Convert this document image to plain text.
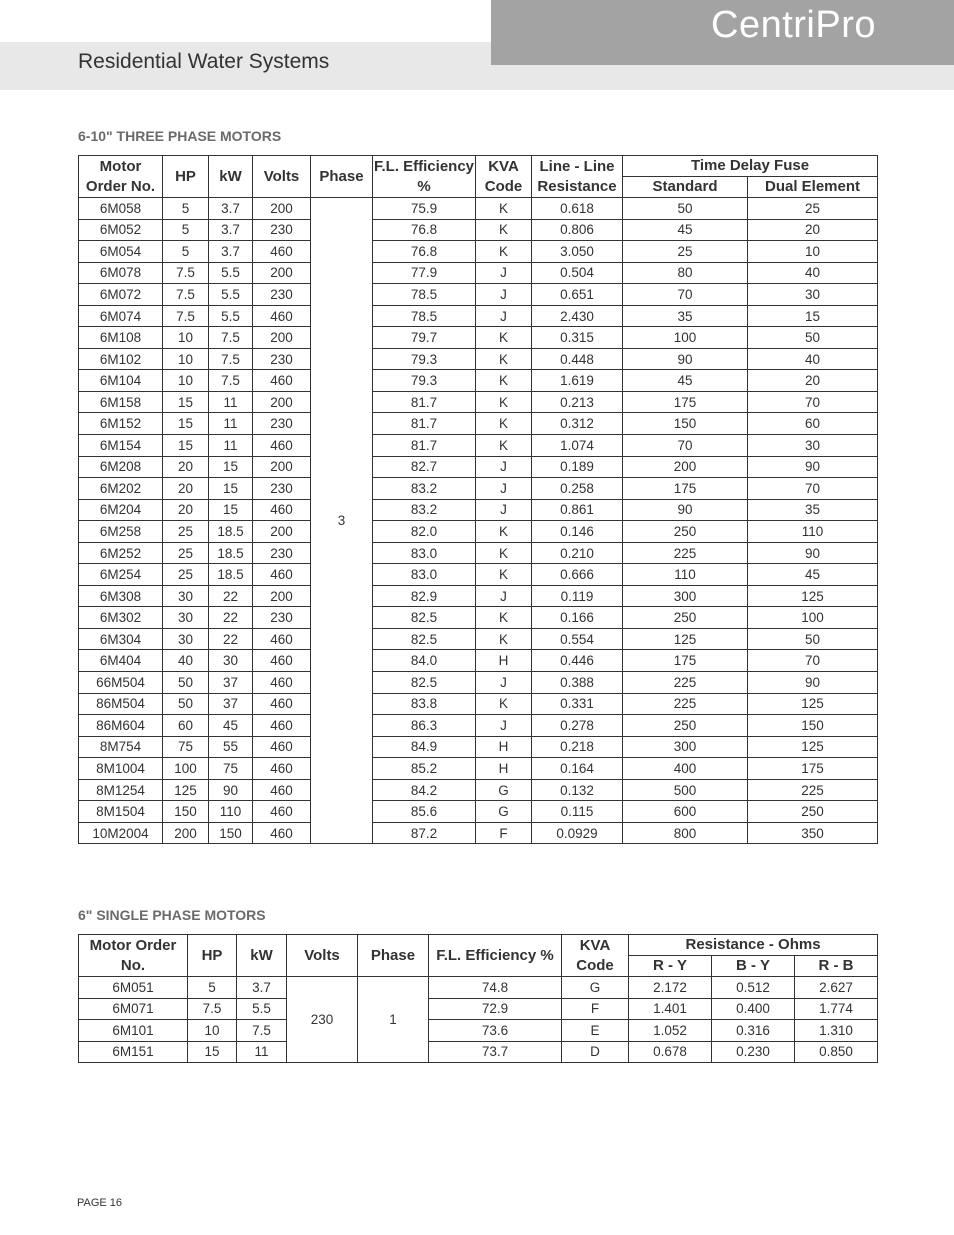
CentriPro
Residential Water Systems
6-10" THREE PHASE MOTORS
Motor Order No.	HP	kW	Volts	Phase	F.L. Efficiency %	KVA Code	Line - Line Resistance	Time Delay Fuse	
								Standard	Dual Element
6M058	5	3.7	200	3	75.9	K	0.618	50	25
6M052	5	3.7	230		76.8	K	0.806	45	20
6M054	5	3.7	460		76.8	K	3.050	25	10
6M078	7.5	5.5	200		77.9	J	0.504	80	40
6M072	7.5	5.5	230		78.5	J	0.651	70	30
6M074	7.5	5.5	460		78.5	J	2.430	35	15
6M108	10	7.5	200		79.7	K	0.315	100	50
6M102	10	7.5	230		79.3	K	0.448	90	40
6M104	10	7.5	460		79.3	K	1.619	45	20
6M158	15	11	200		81.7	K	0.213	175	70
6M152	15	11	230		81.7	K	0.312	150	60
6M154	15	11	460		81.7	K	1.074	70	30
6M208	20	15	200		82.7	J	0.189	200	90
6M202	20	15	230		83.2	J	0.258	175	70
6M204	20	15	460		83.2	J	0.861	90	35
6M258	25	18.5	200		82.0	K	0.146	250	110
6M252	25	18.5	230		83.0	K	0.210	225	90
6M254	25	18.5	460		83.0	K	0.666	110	45
6M308	30	22	200		82.9	J	0.119	300	125
6M302	30	22	230		82.5	K	0.166	250	100
6M304	30	22	460		82.5	K	0.554	125	50
6M404	40	30	460		84.0	H	0.446	175	70
66M504	50	37	460		82.5	J	0.388	225	90
86M504	50	37	460		83.8	K	0.331	225	125
86M604	60	45	460		86.3	J	0.278	250	150
8M754	75	55	460		84.9	H	0.218	300	125
8M1004	100	75	460		85.2	H	0.164	400	175
8M1254	125	90	460		84.2	G	0.132	500	225
8M1504	150	110	460		85.6	G	0.115	600	250
10M2004	200	150	460		87.2	F	0.0929	800	350
6" SINGLE PHASE MOTORS
Motor Order No.	HP	kW	Volts	Phase	F.L. Efficiency %	KVA Code	Resistance - Ohms		
							R - Y	B - Y	R - B
6M051	5	3.7	230	1	74.8	G	2.172	0.512	2.627
6M071	7.5	5.5			72.9	F	1.401	0.400	1.774
6M101	10	7.5			73.6	E	1.052	0.316	1.310
6M151	15	11			73.7	D	0.678	0.230	0.850
PAGE 16
